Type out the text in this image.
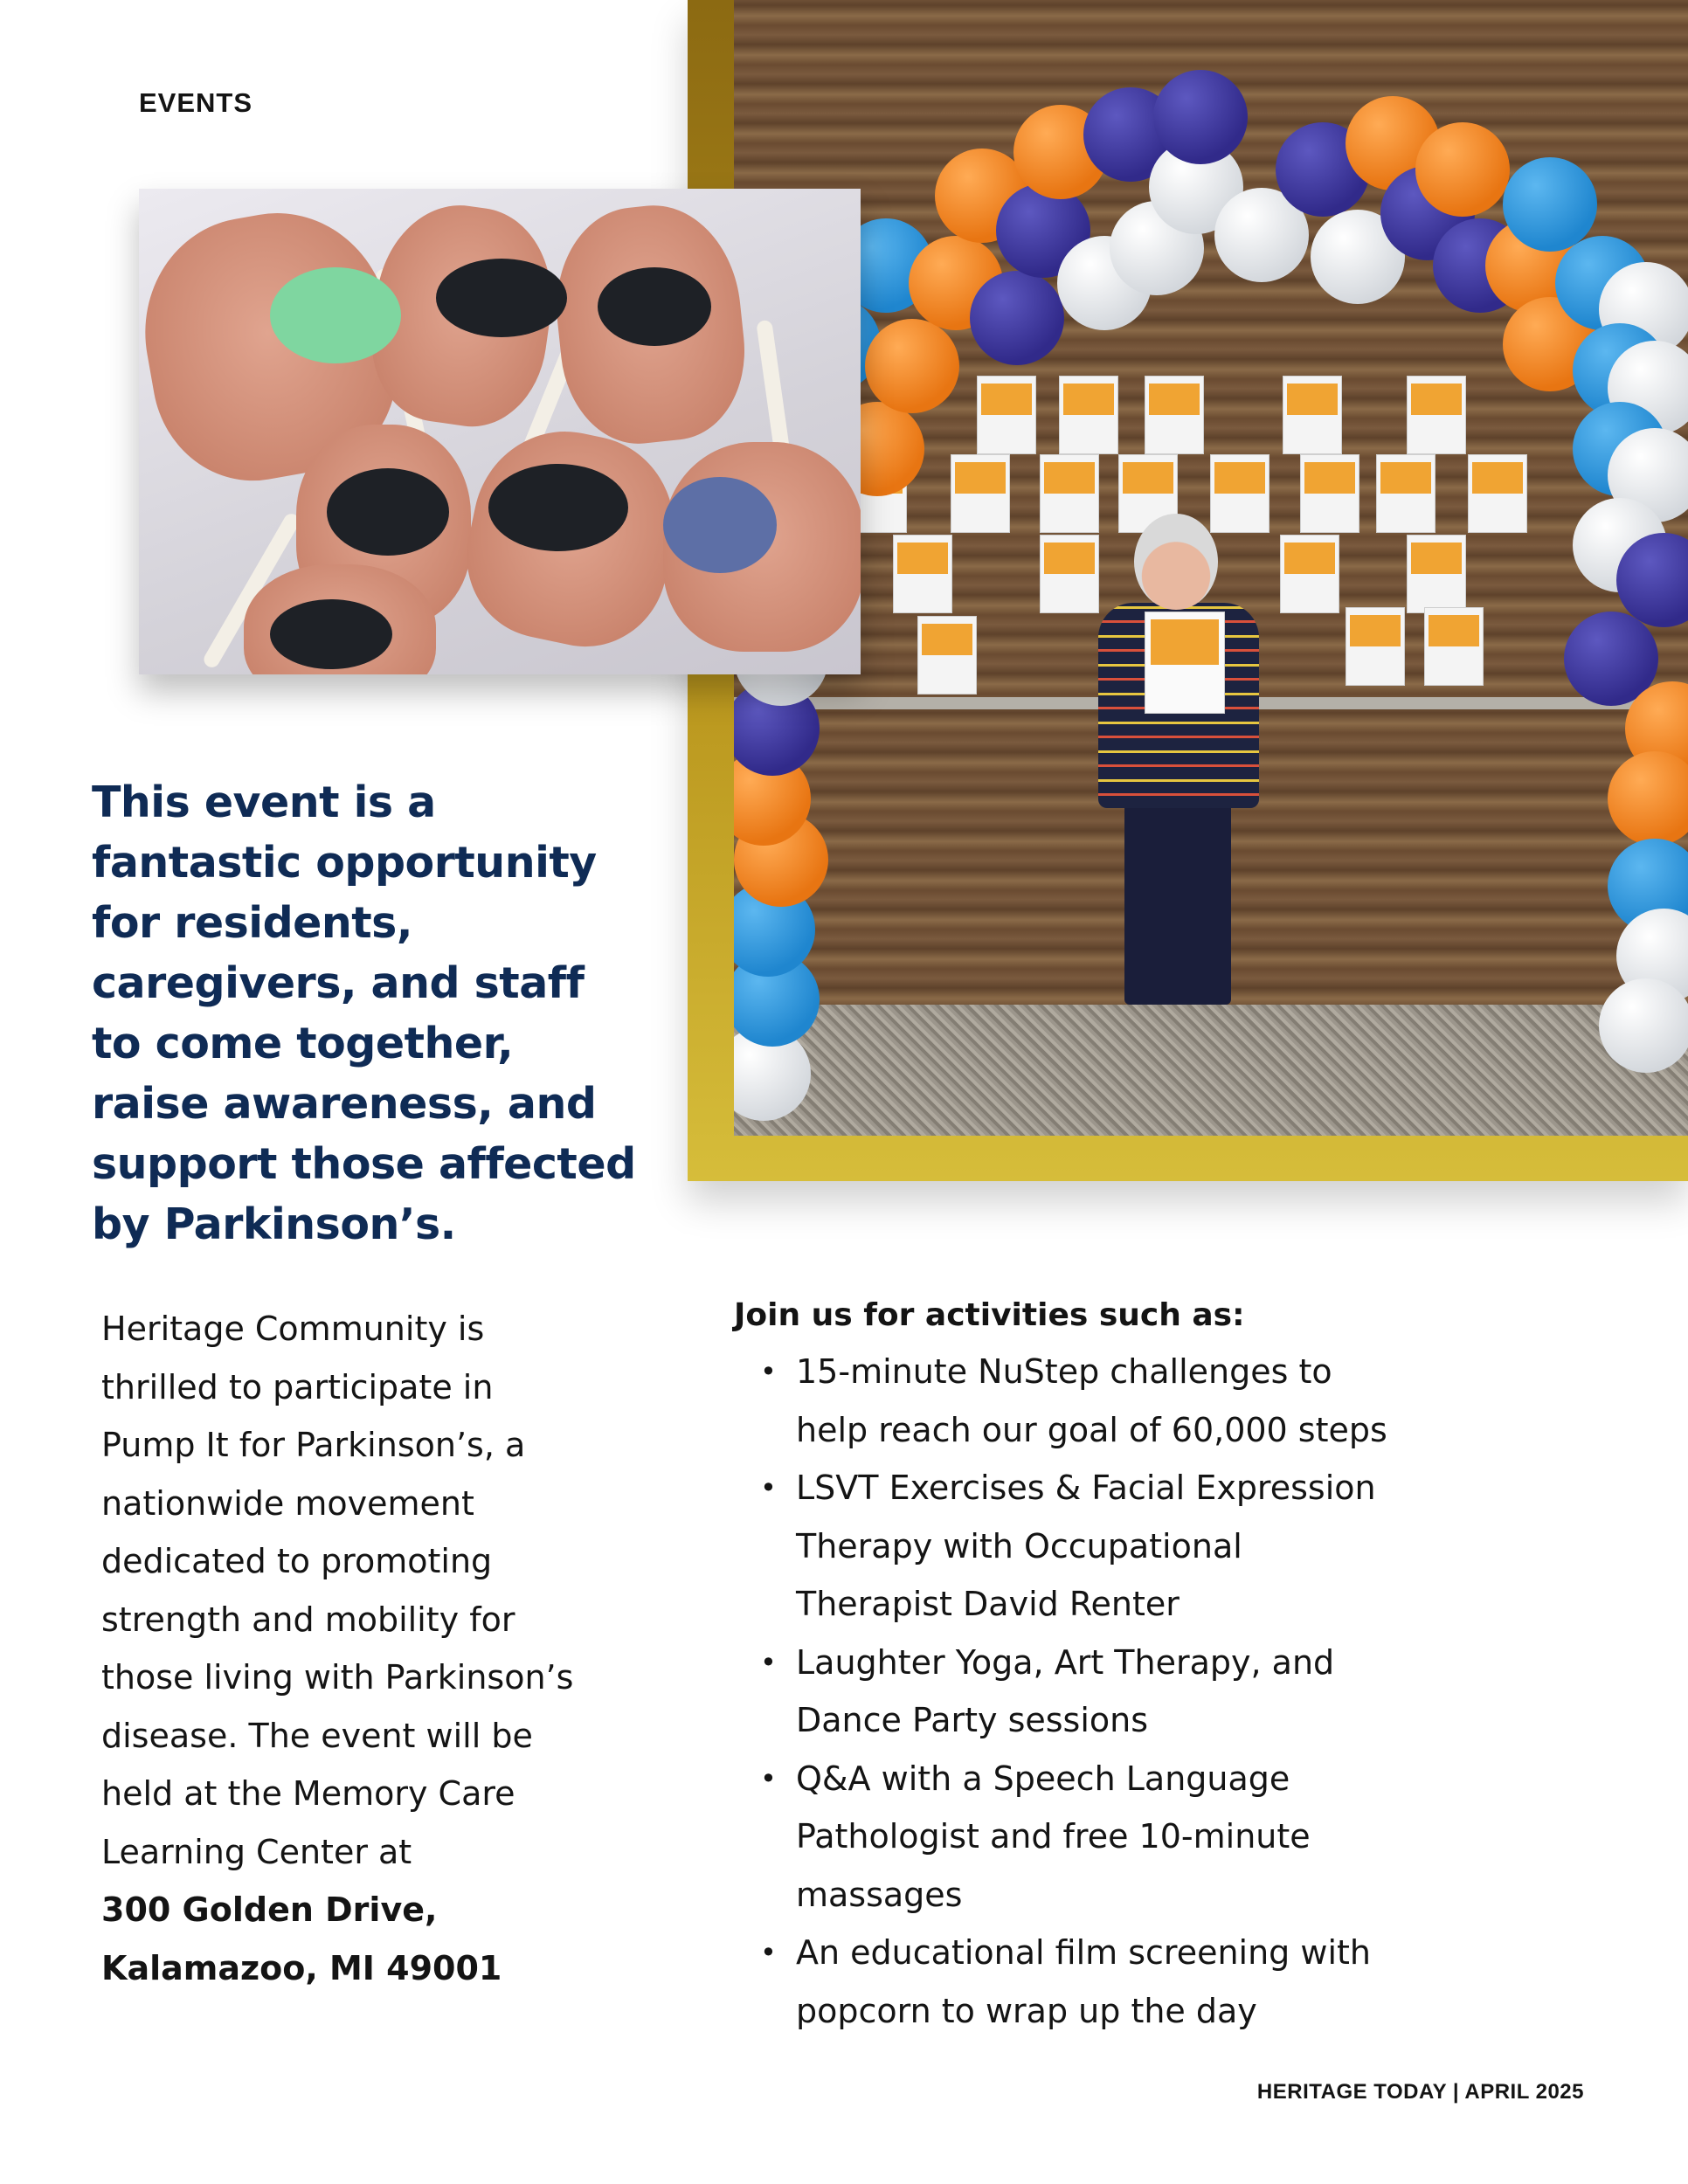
EVENTS
This event is a
fantastic opportunity
for residents,
caregivers, and staff
to come together,
raise awareness, and
support those affected
by Parkinson’s.

Heritage Community is
thrilled to participate in
Pump It for Parkinson’s, a
nationwide movement
dedicated to promoting
strength and mobility for
those living with Parkinson’s
disease. The event will be
held at the Memory Care
Learning Center at

300 Golden Drive,
Kalamazoo, MI 49001

Join us for activities such as:

• 15-minute NuStep challenges to
help reach our goal of 60,000 steps
• LSVT Exercises & Facial Expression
Therapy with Occupational
Therapist David Renter
• Laughter Yoga, Art Therapy, and
Dance Party sessions
• Q&A with a Speech Language
Pathologist and free 10-minute
massages
• An educational film screening with
popcorn to wrap up the day
HERITAGE TODAY | APRIL 2025
